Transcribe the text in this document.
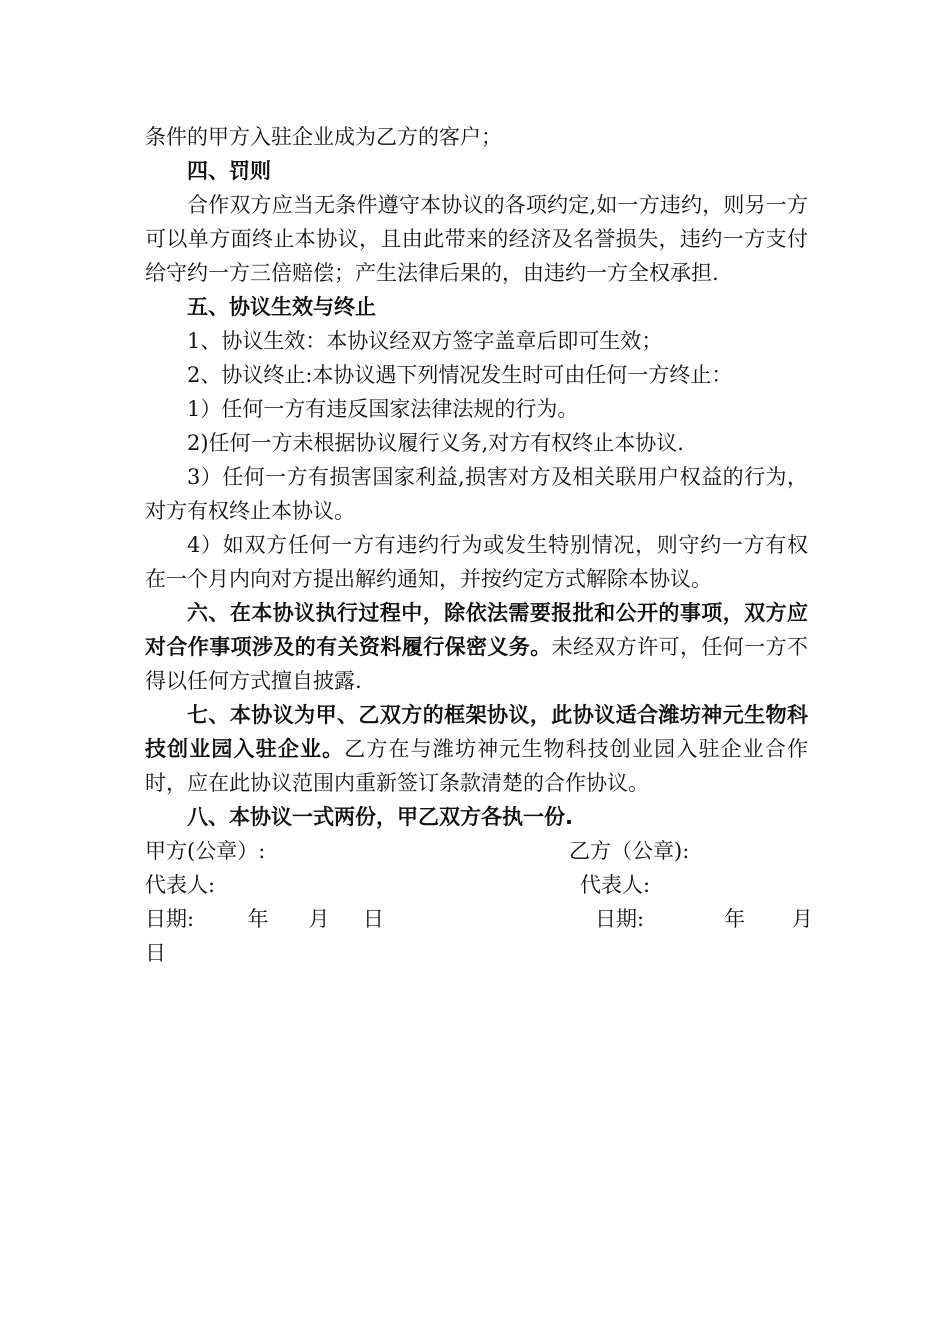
条件的甲方入驻企业成为乙方的客户；
四、罚则

合作双方应当无条件遵守本协议的各项约定,如一方违约，则另一方可以单方面终止本协议，且由此带来的经济及名誉损失，违约一方支付给守约一方三倍赔偿；产生法律后果的，由违约一方全权承担.

五、协议生效与终止

1、协议生效：本协议经双方签字盖章后即可生效；

2、协议终止:本协议遇下列情况发生时可由任何一方终止：

1）任何一方有违反国家法律法规的行为。

2)任何一方未根据协议履行义务,对方有权终止本协议.

3）任何一方有损害国家利益,损害对方及相关联用户权益的行为，对方有权终止本协议。

4）如双方任何一方有违约行为或发生特别情况，则守约一方有权在一个月内向对方提出解约通知，并按约定方式解除本协议。

六、在本协议执行过程中，除依法需要报批和公开的事项，双方应对合作事项涉及的有关资料履行保密义务。未经双方许可，任何一方不得以任何方式擅自披露.

七、本协议为甲、乙双方的框架协议，此协议适合潍坊神元生物科技创业园入驻企业。乙方在与潍坊神元生物科技创业园入驻企业合作时，应在此协议范围内重新签订条款清楚的合作协议。

八、本协议一式两份，甲乙双方各执一份.
甲方(公章）:	乙方（公章):
代表人:	代表人:
日期:        年      月     日	日期:            年       月
日
